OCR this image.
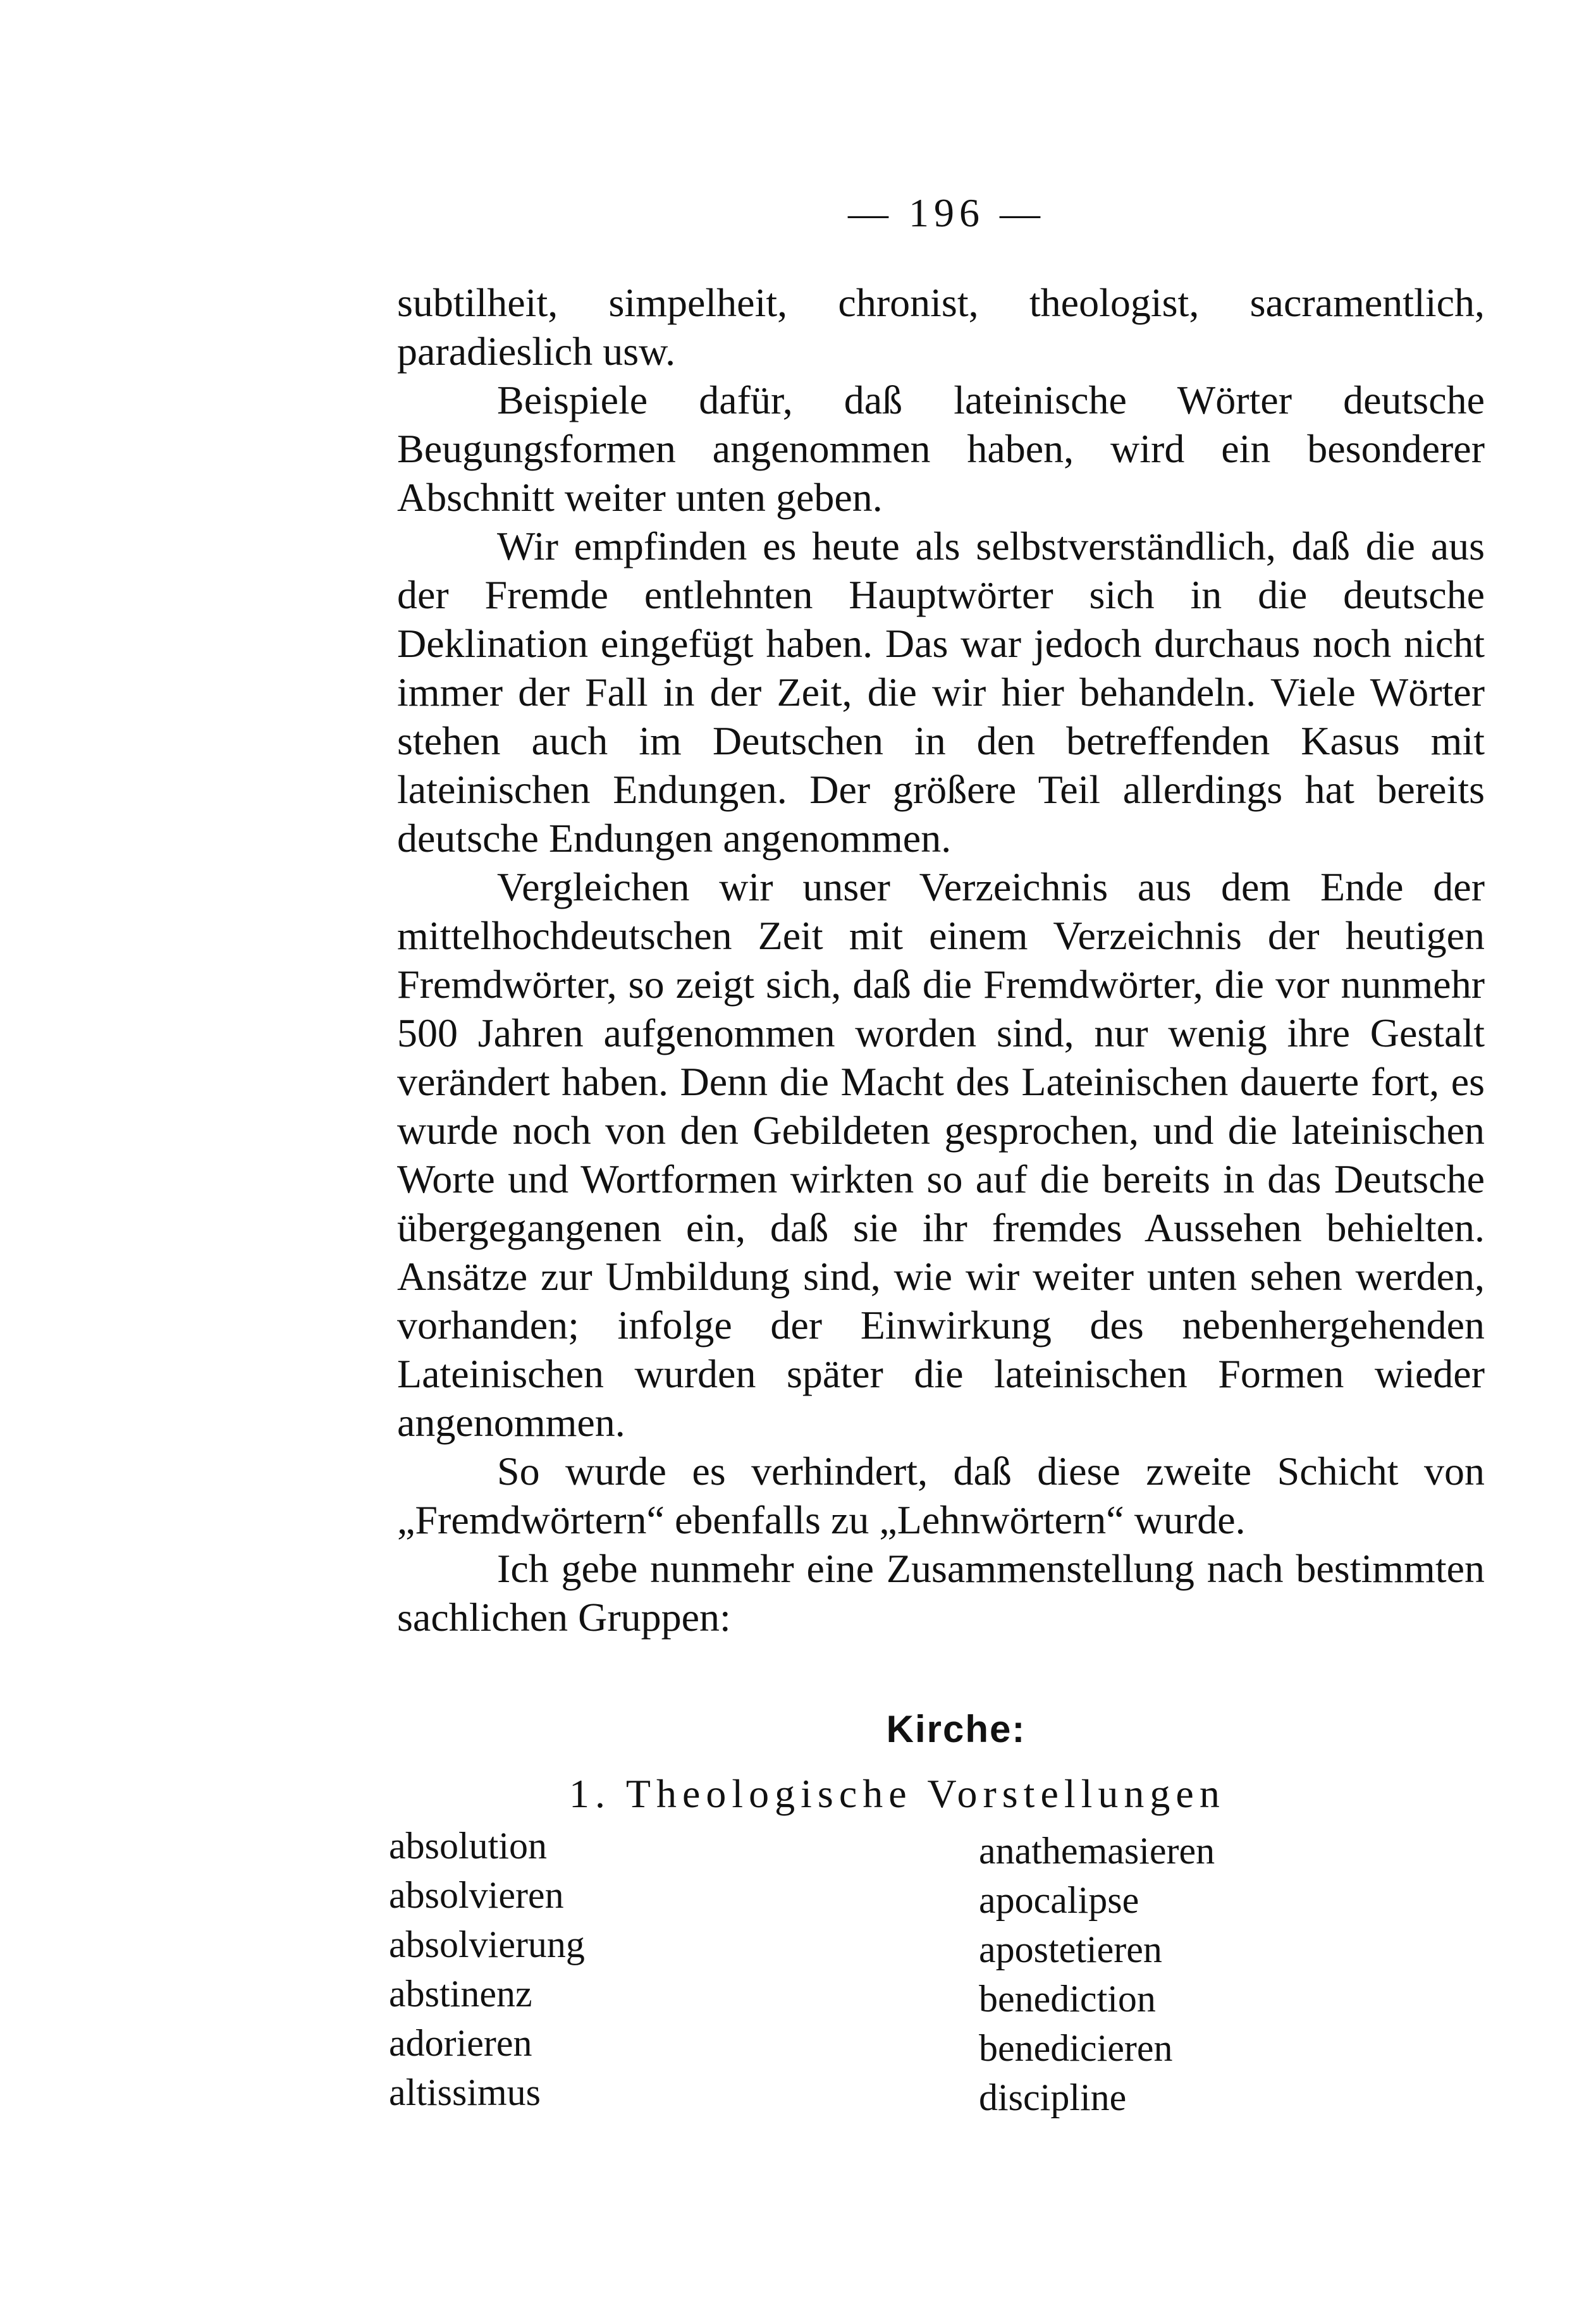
— 196 —

subtilheit, simpelheit, chronist, theologist, sacramentlich, paradieslich usw.

Beispiele dafür, daß lateinische Wörter deutsche Beugungsformen angenommen haben, wird ein besonderer Abschnitt weiter unten geben.

Wir empfinden es heute als selbstverständlich, daß die aus der Fremde entlehnten Hauptwörter sich in die deutsche Deklination eingefügt haben. Das war jedoch durchaus noch nicht immer der Fall in der Zeit, die wir hier behandeln. Viele Wörter stehen auch im Deutschen in den betreffenden Kasus mit lateinischen Endungen. Der größere Teil allerdings hat bereits deutsche Endungen angenommen.

Vergleichen wir unser Verzeichnis aus dem Ende der mittelhochdeutschen Zeit mit einem Verzeichnis der heutigen Fremdwörter, so zeigt sich, daß die Fremdwörter, die vor nunmehr 500 Jahren aufgenommen worden sind, nur wenig ihre Gestalt verändert haben. Denn die Macht des Lateinischen dauerte fort, es wurde noch von den Gebildeten gesprochen, und die lateinischen Worte und Wortformen wirkten so auf die bereits in das Deutsche übergegangenen ein, daß sie ihr fremdes Aussehen behielten. Ansätze zur Umbildung sind, wie wir weiter unten sehen werden, vorhanden; infolge der Einwirkung des nebenhergehenden Lateinischen wurden später die lateinischen Formen wieder angenommen.

So wurde es verhindert, daß diese zweite Schicht von „Fremdwörtern“ ebenfalls zu „Lehnwörtern“ wurde.

Ich gebe nunmehr eine Zusammenstellung nach bestimmten sachlichen Gruppen:

Kirche:
1. Theologische Vorstellungen
absolution
absolvieren
absolvierung
abstinenz
adorieren
altissimus
anathemasieren
apocalipse
apostetieren
benediction
benedicieren
discipline
